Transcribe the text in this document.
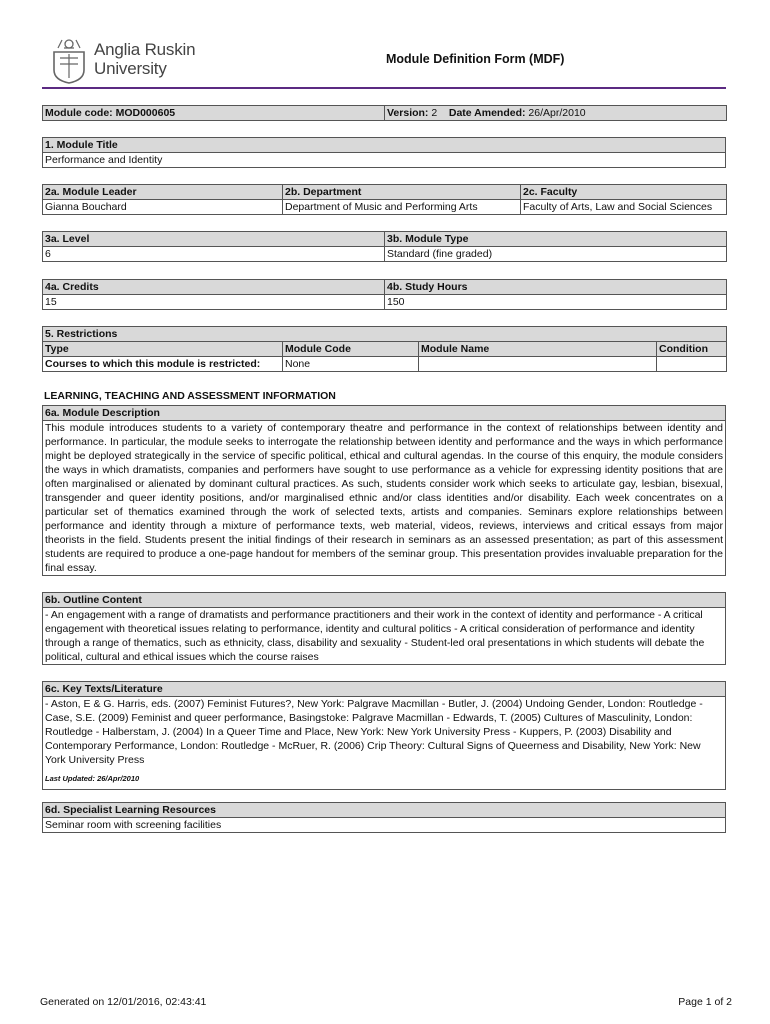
Anglia Ruskin
University	Module Definition Form (MDF)
Module code: MOD000605	Version: 2 Date Amended: 26/Apr/2010
1. Module Title
Performance and Identity
2a. Module Leader	2b. Department	2c. Faculty
Gianna Bouchard	Department of Music and Performing Arts	Faculty of Arts, Law and Social Sciences
3a. Level	3b. Module Type
6	Standard (fine graded)
4a. Credits	4b. Study Hours
15	150
5. Restrictions			
Type	Module Code	Module Name	Condition
Courses to which this module is restricted:	None		
LEARNING, TEACHING AND ASSESSMENT INFORMATION
6a. Module Description
This module introduces students to a variety of contemporary theatre and performance in the context of relationships between identity and performance. In particular, the module seeks to interrogate the relationship between identity and performance and the ways in which performance might be deployed strategically in the service of specific political, ethical and cultural agendas. In the course of this enquiry, the module considers the ways in which dramatists, companies and performers have sought to use performance as a vehicle for expressing identity positions that are often marginalised or alienated by dominant cultural practices. As such, students consider work which seeks to articulate gay, lesbian, bisexual, transgender and queer identity positions, and/or marginalised ethnic and/or class identities and/or disability. Each week concentrates on a particular set of thematics examined through the work of selected texts, artists and companies. Seminars explore relationships between performance and identity through a mixture of performance texts, web material, videos, reviews, interviews and critical essays from major theorists in the field. Students present the initial findings of their research in seminars as an assessed presentation; as part of this assessment students are required to produce a one-page handout for members of the seminar group. This presentation provides invaluable preparation for the final essay.
6b. Outline Content
- An engagement with a range of dramatists and performance practitioners and their work in the context of identity and performance - A critical engagement with theoretical issues relating to performance, identity and cultural politics - A critical consideration of performance and identity through a range of thematics, such as ethnicity, class, disability and sexuality - Student-led oral presentations in which students will debate the political, cultural and ethical issues which the course raises
6c. Key Texts/Literature

- Aston, E & G. Harris, eds. (2007) Feminist Futures?, New York: Palgrave Macmillan - Butler, J. (2004) Undoing Gender, London: Routledge - Case, S.E. (2009) Feminist and queer performance, Basingstoke: Palgrave Macmillan - Edwards, T. (2005) Cultures of Masculinity, London: Routledge - Halberstam, J. (2004) In a Queer Time and Place, New York: New York University Press - Kuppers, P. (2003) Disability and Contemporary Performance, London: Routledge - McRuer, R. (2006) Crip Theory: Cultural Signs of Queerness and Disability, New York: New York University Press
Last Updated: 26/Apr/2010
6d. Specialist Learning Resources
Seminar room with screening facilities
Generated on 12/01/2016, 02:43:41	Page 1 of 2
